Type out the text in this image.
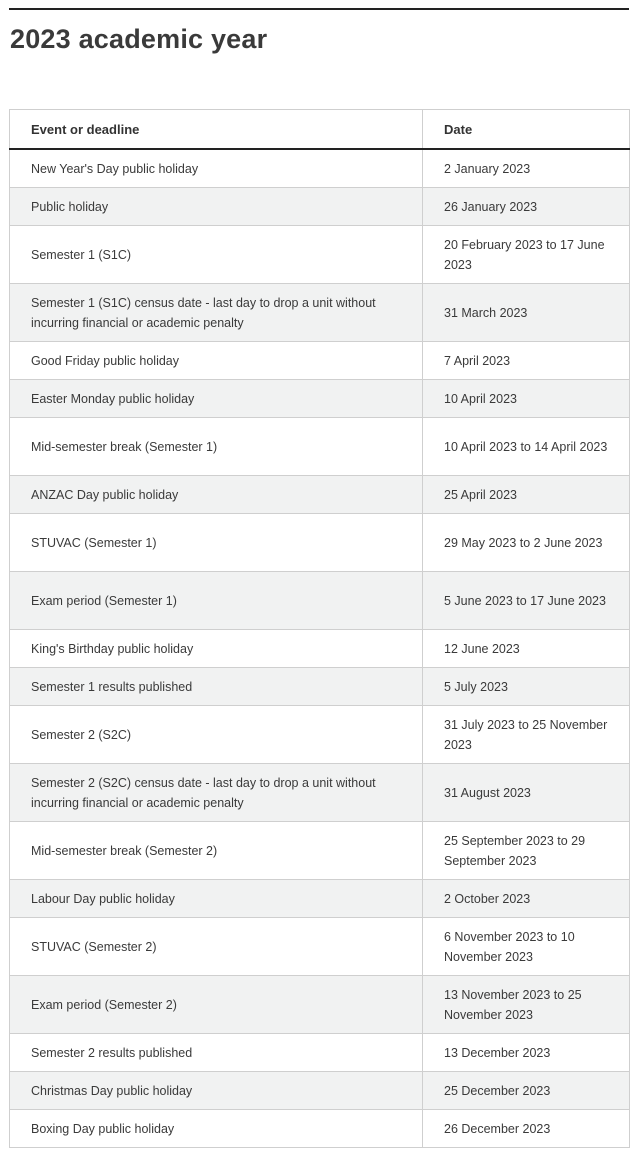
2023 academic year
Event or deadline	Date
New Year's Day public holiday	2 January 2023
Public holiday	26 January 2023
Semester 1 (S1C)	20 February 2023 to 17 June 2023
Semester 1 (S1C) census date - last day to drop a unit without incurring financial or academic penalty	31 March 2023
Good Friday public holiday	7 April 2023
Easter Monday public holiday	10 April 2023
Mid-semester break (Semester 1)	10 April 2023 to 14 April 2023
ANZAC Day public holiday	25 April 2023
STUVAC (Semester 1)	29 May 2023 to 2 June 2023
Exam period (Semester 1)	5 June 2023 to 17 June 2023
King's Birthday public holiday	12 June 2023
Semester 1 results published	5 July 2023
Semester 2 (S2C)	31 July 2023 to 25 November 2023
Semester 2 (S2C) census date - last day to drop a unit without incurring financial or academic penalty	31 August 2023
Mid-semester break (Semester 2)	25 September 2023 to 29 September 2023
Labour Day public holiday	2 October 2023
STUVAC (Semester 2)	6 November 2023 to 10 November 2023
Exam period (Semester 2)	13 November 2023 to 25 November 2023
Semester 2 results published	13 December 2023
Christmas Day public holiday	25 December 2023
Boxing Day public holiday	26 December 2023
